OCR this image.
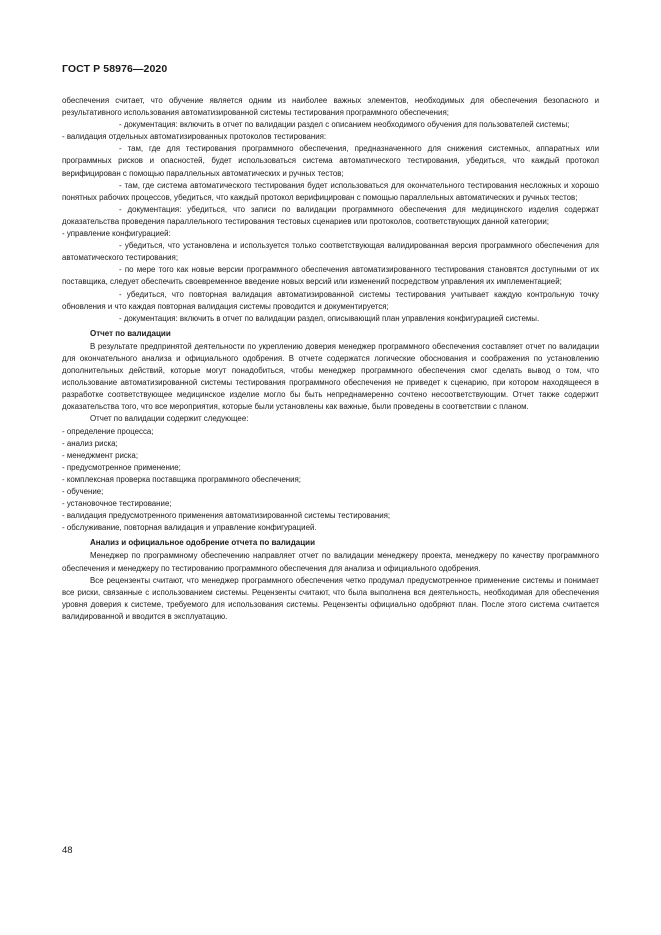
ГОСТ Р 58976—2020

обеспечения считает, что обучение является одним из наиболее важных элементов, необходимых для обеспечения безопасного и результативного использования автоматизированной системы тестирования программного обеспечения;

- документация: включить в отчет по валидации раздел с описанием необходимого обучения для пользователей системы;

- валидация отдельных автоматизированных протоколов тестирования:

- там, где для тестирования программного обеспечения, предназначенного для снижения системных, аппаратных или программных рисков и опасностей, будет использоваться система автоматического тестирования, убедиться, что каждый протокол верифицирован с помощью параллельных автоматических и ручных тестов;

- там, где система автоматического тестирования будет использоваться для окончательного тестирования несложных и хорошо понятных рабочих процессов, убедиться, что каждый протокол верифицирован с помощью параллельных автоматических и ручных тестов;

- документация: убедиться, что записи по валидации программного обеспечения для медицинского изделия содержат доказательства проведения параллельного тестирования тестовых сценариев или протоколов, соответствующих данной категории;

- управление конфигурацией:

- убедиться, что установлена и используется только соответствующая валидированная версия программного обеспечения для автоматического тестирования;

- по мере того как новые версии программного обеспечения автоматизированного тестирования становятся доступными от их поставщика, следует обеспечить своевременное введение новых версий или изменений посредством управления их имплементацией;

- убедиться, что повторная валидация автоматизированной системы тестирования учитывает каждую контрольную точку обновления и что каждая повторная валидация системы проводится и документируется;

- документация: включить в отчет по валидации раздел, описывающий план управления конфигурацией системы.

Отчет по валидации

В результате предпринятой деятельности по укреплению доверия менеджер программного обеспечения составляет отчет по валидации для окончательного анализа и официального одобрения. В отчете содержатся логические обоснования и соображения по установлению дополнительных действий, которые могут понадобиться, чтобы менеджер программного обеспечения смог сделать вывод о том, что использование автоматизированной системы тестирования программного обеспечения не приведет к сценарию, при котором находящееся в разработке соответствующее медицинское изделие могло бы быть непреднамеренно сочтено несоответствующим. Отчет также содержит доказательства того, что все мероприятия, которые были установлены как важные, были проведены в соответствии с планом.

Отчет по валидации содержит следующее:

- определение процесса;

- анализ риска;

- менеджмент риска;

- предусмотренное применение;

- комплексная проверка поставщика программного обеспечения;

- обучение;

- установочное тестирование;

- валидация предусмотренного применения автоматизированной системы тестирования;

- обслуживание, повторная валидация и управление конфигурацией.

Анализ и официальное одобрение отчета по валидации

Менеджер по программному обеспечению направляет отчет по валидации менеджеру проекта, менеджеру по качеству программного обеспечения и менеджеру по тестированию программного обеспечения для анализа и официального одобрения.

Все рецензенты считают, что менеджер программного обеспечения четко продумал предусмотренное применение системы и понимает все риски, связанные с использованием системы. Рецензенты считают, что была выполнена вся деятельность, необходимая для обеспечения уровня доверия к системе, требуемого для использования системы. Рецензенты официально одобряют план. После этого система считается валидированной и вводится в эксплуатацию.

48
